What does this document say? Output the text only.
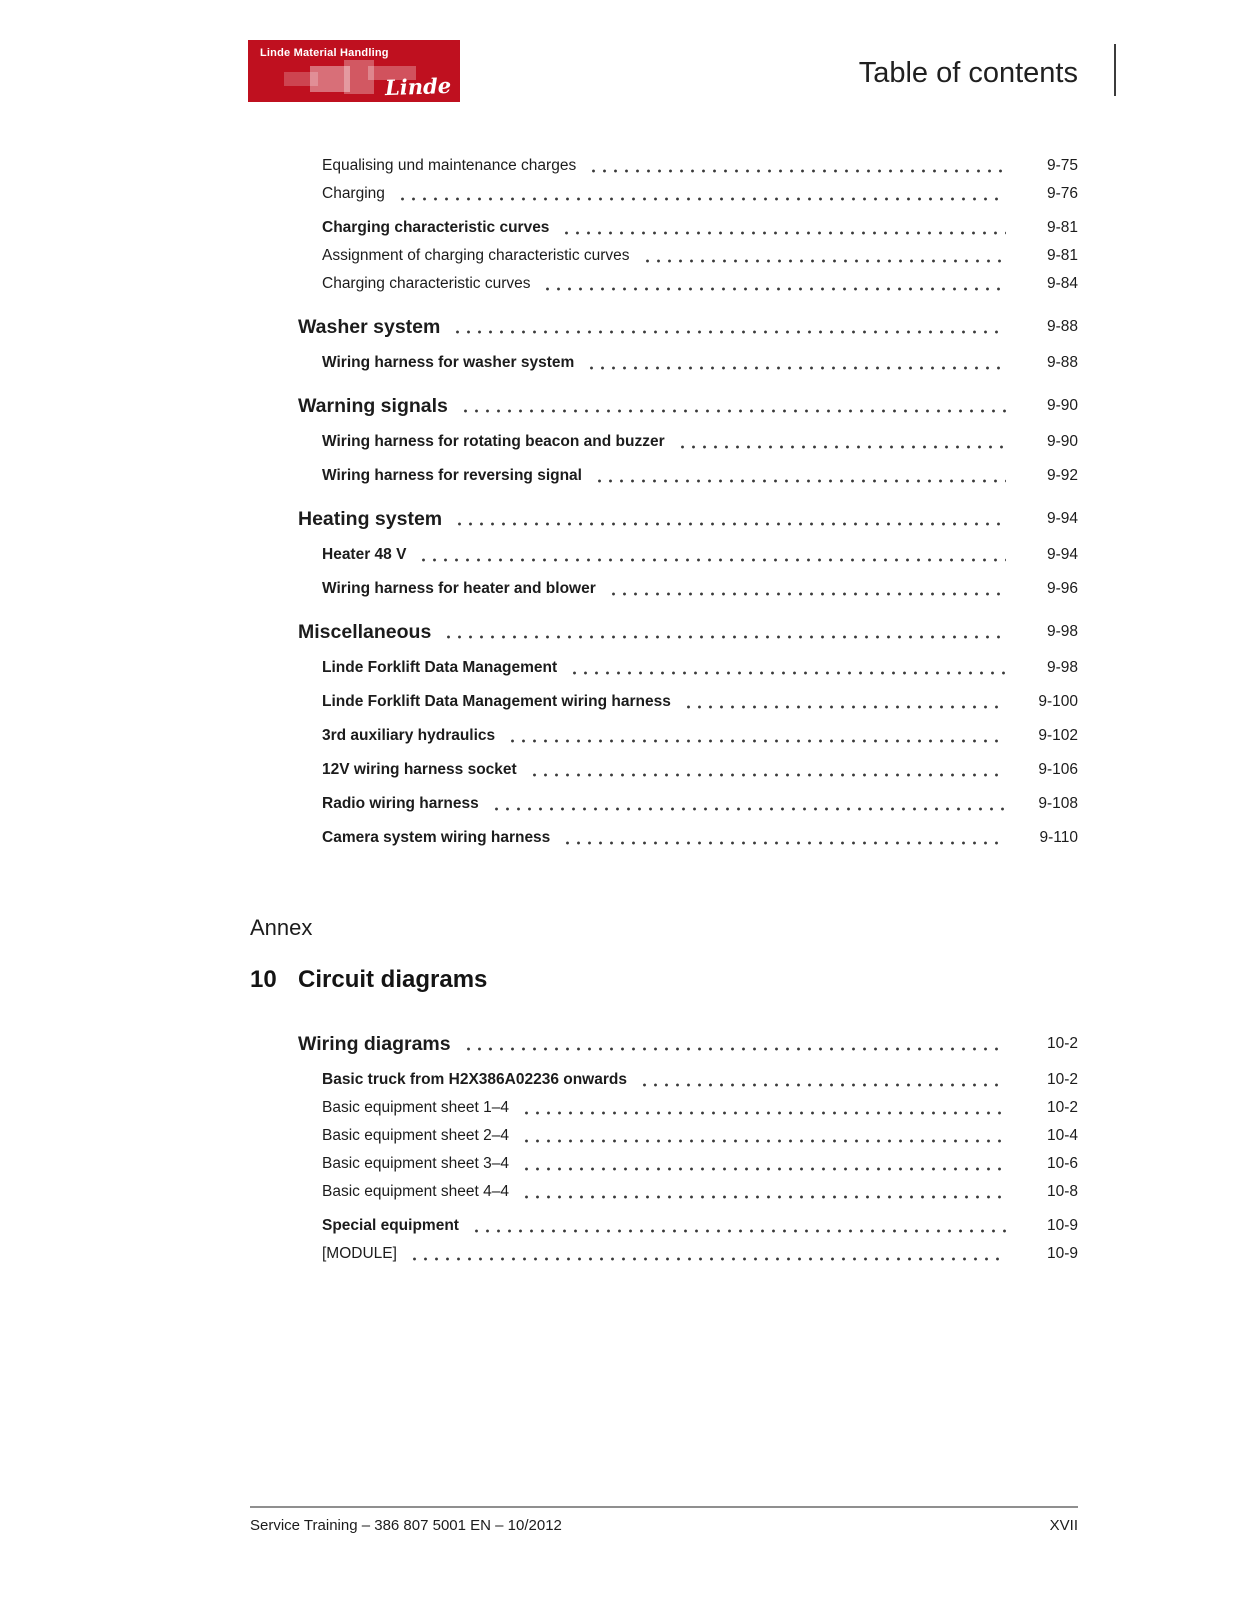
Linde Material Handling
Linde	Table of contents
Equalising und maintenance charges	9-75
Charging	9-76
Charging characteristic curves	9-81
Assignment of charging characteristic curves	9-81
Charging characteristic curves	9-84
Washer system	9-88
Wiring harness for washer system	9-88
Warning signals	9-90
Wiring harness for rotating beacon and buzzer	9-90
Wiring harness for reversing signal	9-92
Heating system	9-94
Heater 48 V	9-94
Wiring harness for heater and blower	9-96
Miscellaneous	9-98
Linde Forklift Data Management	9-98
Linde Forklift Data Management wiring harness	9-100
3rd auxiliary hydraulics	9-102
12V wiring harness socket	9-106
Radio wiring harness	9-108
Camera system wiring harness	9-110
Annex
10 Circuit diagrams
Wiring diagrams	10-2
Basic truck from H2X386A02236 onwards	10-2
Basic equipment sheet 1–4	10-2
Basic equipment sheet 2–4	10-4
Basic equipment sheet 3–4	10-6
Basic equipment sheet 4–4	10-8
Special equipment	10-9
[MODULE]	10-9
Service Training – 386 807 5001 EN – 10/2012	XVII
